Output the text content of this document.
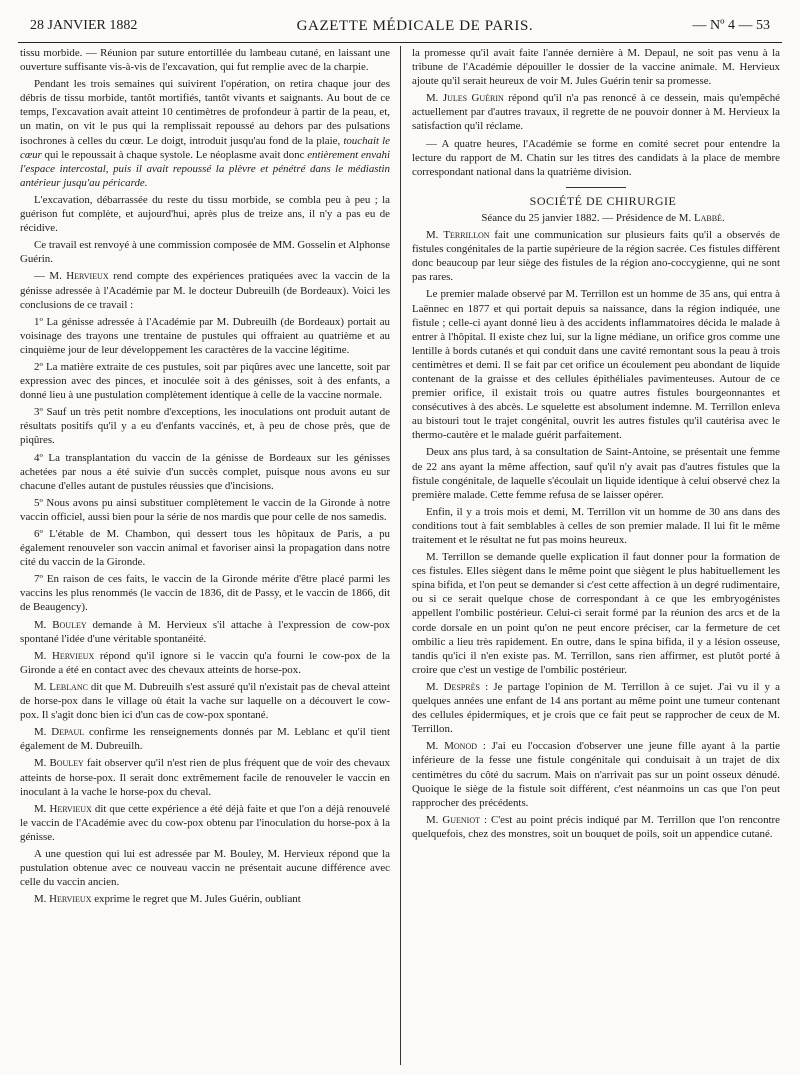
28 JANVIER 1882	GAZETTE MÉDICALE DE PARIS.	— Nº 4 — 53

tissu morbide. — Réunion par suture entortillée du lambeau cutané, en laissant une ouverture suffisante vis-à-vis de l'excavation, qui fut remplie avec de la charpie.

Pendant les trois semaines qui suivirent l'opération, on retira chaque jour des débris de tissu morbide, tantôt mortifiés, tantôt vivants et saignants. Au bout de ce temps, l'excavation avait atteint 10 centimètres de profondeur à partir de la peau, et, un matin, on vit le pus qui la remplissait repoussé au dehors par des pulsations isochrones à celles du cœur. Le doigt, introduit jusqu'au fond de la plaie, touchait le cœur qui le repoussait à chaque systole. Le néoplasme avait donc entièrement envahi l'espace intercostal, puis il avait repoussé la plèvre et pénétré dans le médiastin antérieur jusqu'au péricarde.

L'excavation, débarrassée du reste du tissu morbide, se combla peu à peu ; la guérison fut complète, et aujourd'hui, après plus de treize ans, il n'y a pas eu de récidive.

Ce travail est renvoyé à une commission composée de MM. Gosselin et Alphonse Guérin.

— M. Hervieux rend compte des expériences pratiquées avec la vaccin de la génisse adressée à l'Académie par M. le docteur Dubreuilh (de Bordeaux). Voici les conclusions de ce travail :

1º La génisse adressée à l'Académie par M. Dubreuilh (de Bordeaux) portait au voisinage des trayons une trentaine de pustules qui offraient au quatrième et au cinquième jour de leur développement les caractères de la vaccine légitime.

2º La matière extraite de ces pustules, soit par piqûres avec une lancette, soit par expression avec des pinces, et inoculée soit à des génisses, soit à des enfants, a donné lieu à une pustulation complètement identique à celle de la vaccine normale.

3º Sauf un très petit nombre d'exceptions, les inoculations ont produit autant de résultats positifs qu'il y a eu d'enfants vaccinés, et, à peu de chose près, que de piqûres.

4º La transplantation du vaccin de la génisse de Bordeaux sur les génisses achetées par nous a été suivie d'un succès complet, puisque nous avons eu sur chacune d'elles autant de pustules réussies que d'incisions.

5º Nous avons pu ainsi substituer complètement le vaccin de la Gironde à notre vaccin officiel, aussi bien pour la série de nos mardis que pour celle de nos samedis.

6º L'étable de M. Chambon, qui dessert tous les hôpitaux de Paris, a pu également renouveler son vaccin animal et favoriser ainsi la propagation dans notre cité du vaccin de la Gironde.

7º En raison de ces faits, le vaccin de la Gironde mérite d'être placé parmi les vaccins les plus renommés (le vaccin de 1836, dit de Passy, et le vaccin de 1866, dit de Beaugency).

M. Bouley demande à M. Hervieux s'il attache à l'expression de cow-pox spontané l'idée d'une véritable spontanéité.

M. Hervieux répond qu'il ignore si le vaccin qu'a fourni le cow-pox de la Gironde a été en contact avec des chevaux atteints de horse-pox.

M. Leblanc dit que M. Dubreuilh s'est assuré qu'il n'existait pas de cheval atteint de horse-pox dans le village où était la vache sur laquelle on a découvert le cow-pox. Il s'agit donc bien ici d'un cas de cow-pox spontané.

M. Depaul confirme les renseignements donnés par M. Leblanc et qu'il tient également de M. Dubreuilh.

M. Bouley fait observer qu'il n'est rien de plus fréquent que de voir des chevaux atteints de horse-pox. Il serait donc extrêmement facile de renouveler le vaccin en inoculant à la vache le horse-pox du cheval.

M. Hervieux dit que cette expérience a été déjà faite et que l'on a déjà renouvelé le vaccin de l'Académie avec du cow-pox obtenu par l'inoculation du horse-pox à la génisse.

A une question qui lui est adressée par M. Bouley, M. Hervieux répond que la pustulation obtenue avec ce nouveau vaccin ne présentait aucune différence avec celle du vaccin ancien.

M. Hervieux exprime le regret que M. Jules Guérin, oubliant

la promesse qu'il avait faite l'année dernière à M. Depaul, ne soit pas venu à la tribune de l'Académie dépouiller le dossier de la vaccine animale. M. Hervieux ajoute qu'il serait heureux de voir M. Jules Guérin tenir sa promesse.

M. Jules Guérin répond qu'il n'a pas renoncé à ce dessein, mais qu'empêché actuellement par d'autres travaux, il regrette de ne pouvoir donner à M. Hervieux la satisfaction qu'il réclame.

— A quatre heures, l'Académie se forme en comité secret pour entendre la lecture du rapport de M. Chatin sur les titres des candidats à la place de membre correspondant national dans la quatrième division.

SOCIÉTÉ DE CHIRURGIE

Séance du 25 janvier 1882. — Présidence de M. Labbé.

M. Terrillon fait une communication sur plusieurs faits qu'il a observés de fistules congénitales de la partie supérieure de la région sacrée. Ces fistules diffèrent donc beaucoup par leur siège des fistules de la région ano-coccygienne, qui ne sont pas rares.

Le premier malade observé par M. Terrillon est un homme de 35 ans, qui entra à Laënnec en 1877 et qui portait depuis sa naissance, dans la région indiquée, une fistule ; celle-ci ayant donné lieu à des accidents inflammatoires décida le malade à entrer à l'hôpital. Il existe chez lui, sur la ligne médiane, un orifice gros comme une lentille à bords cutanés et qui conduit dans une cavité remontant sous la peau à trois centimètres et demi. Il se fait par cet orifice un écoulement peu abondant de liquide contenant de la graisse et des cellules épithéliales pavimenteuses. Autour de ce premier orifice, il existait trois ou quatre autres fistules bourgeonnantes et consécutives à des abcès. Le squelette est absolument indemne. M. Terrillon enleva au bistouri tout le trajet congénital, ouvrit les autres fistules qu'il cautérisa avec le thermo-cautère et le malade guérit parfaitement.

Deux ans plus tard, à sa consultation de Saint-Antoine, se présentait une femme de 22 ans ayant la même affection, sauf qu'il n'y avait pas d'autres fistules que la fistule congénitale, de laquelle s'écoulait un liquide identique à celui observé chez la première malade. Cette femme refusa de se laisser opérer.

Enfin, il y a trois mois et demi, M. Terrillon vit un homme de 30 ans dans des conditions tout à fait semblables à celles de son premier malade. Il lui fit le même traitement et le résultat ne fut pas moins heureux.

M. Terrillon se demande quelle explication il faut donner pour la formation de ces fistules. Elles siègent dans le même point que siègent le plus habituellement les spina bifida, et l'on peut se demander si c'est cette affection à un degré rudimentaire, ou si ce serait quelque chose de correspondant à ce que les embryogénistes appellent l'ombilic postérieur. Celui-ci serait formé par la réunion des arcs et de la corde dorsale en un point qu'on ne peut encore préciser, car la fermeture de cet ombilic a lieu très rapidement. En outre, dans le spina bifida, il y a lésion osseuse, tandis qu'ici il n'en existe pas. M. Terrillon, sans rien affirmer, est plutôt porté à croire que c'est un vestige de l'ombilic postérieur.

M. Desprès : Je partage l'opinion de M. Terrillon à ce sujet. J'ai vu il y a quelques années une enfant de 14 ans portant au même point une tumeur contenant des cellules épidermiques, et je crois que ce fait peut se rapprocher de ceux de M. Terrillon.

M. Monod : J'ai eu l'occasion d'observer une jeune fille ayant à la partie inférieure de la fesse une fistule congénitale qui conduisait à un trajet de dix centimètres du côté du sacrum. Mais on n'arrivait pas sur un point osseux dénudé. Quoique le siège de la fistule soit différent, c'est néanmoins un cas que l'on peut rapprocher des précédents.

M. Gueniot : C'est au point précis indiqué par M. Terrillon que l'on rencontre quelquefois, chez des monstres, soit un bouquet de poils, soit un appendice cutané.
